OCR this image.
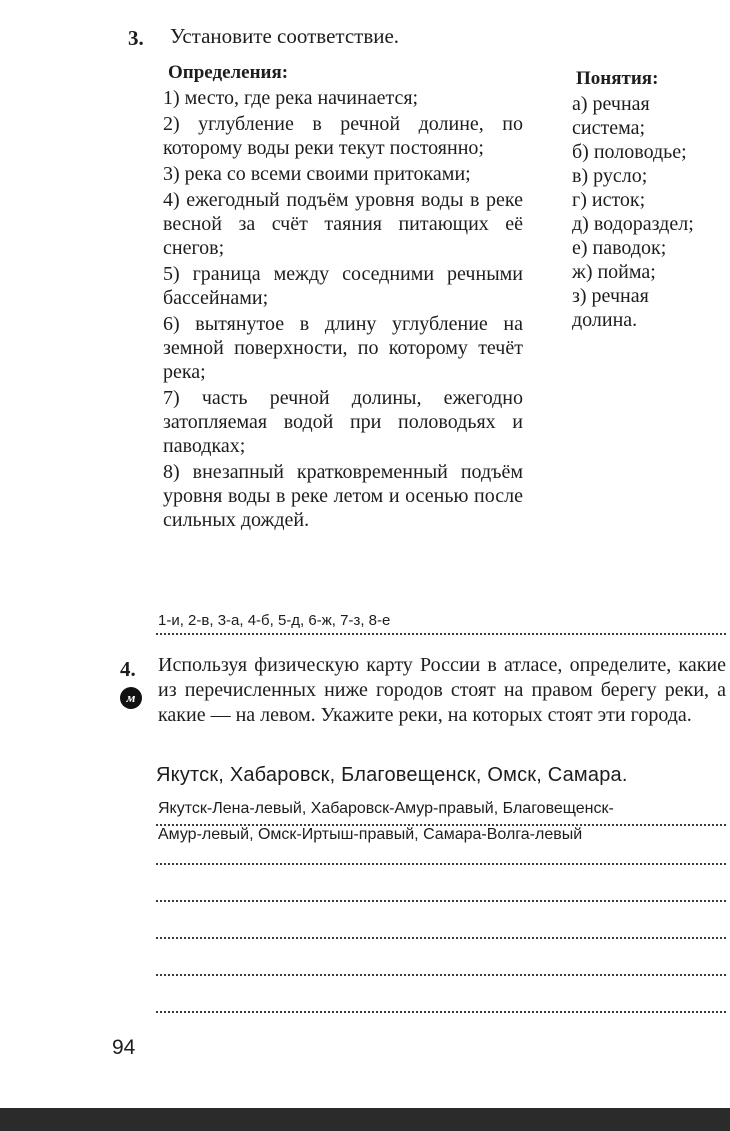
3. Установите соответствие.
Определения:	Понятия:
1) место, где река начинается;
2) углубление в речной долине, по которому воды реки текут постоянно;
3) река со всеми своими притоками;
4) ежегодный подъём уровня воды в реке весной за счёт таяния питающих её снегов;
5) граница между соседними речными бассейнами;
6) вытянутое в длину углубление на земной поверхности, по которому течёт река;
7) часть речной долины, ежегодно затопляемая водой при половодьях и паводках;
8) внезапный кратковременный подъём уровня воды в реке летом и осенью после сильных дождей.
а) речная
система;
б) половодье;
в) русло;
г) исток;
д) водораздел;
е) паводок;
ж) пойма;
з) речная
долина.
1-и, 2-в, 3-а, 4-б, 5-д, 6-ж, 7-з, 8-е
4.
м
Используя физическую карту России в атласе, определите, какие из перечисленных ниже городов стоят на правом берегу реки, а какие — на левом. Укажите реки, на которых стоят эти города.
Якутск, Хабаровск, Благовещенск, Омск, Самара.
Якутск-Лена-левый, Хабаровск-Амур-правый, Благовещенск-
Амур-левый, Омск-Иртыш-правый, Самара-Волга-левый
94
